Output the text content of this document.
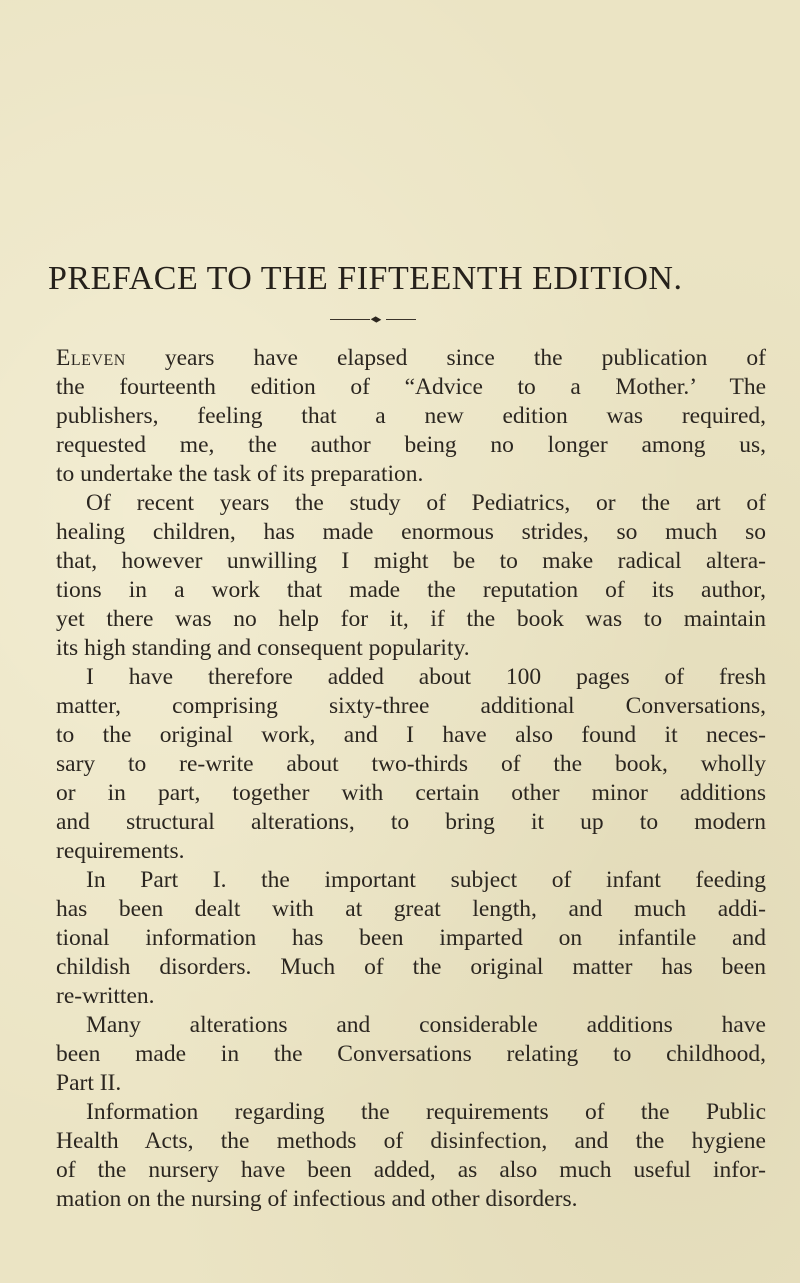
PREFACE TO THE FIFTEENTH EDITION.
Eleven years have elapsed since the publication of
the fourteenth edition of “Advice to a Mother.’ The
publishers, feeling that a new edition was required,
requested me, the author being no longer among us,
to undertake the task of its preparation.
Of recent years the study of Pediatrics, or the art of
healing children, has made enormous strides, so much so
that, however unwilling I might be to make radical altera-
tions in a work that made the reputation of its author,
yet there was no help for it, if the book was to maintain
its high standing and consequent popularity.
I have therefore added about 100 pages of fresh
matter, comprising sixty-three additional Conversations,
to the original work, and I have also found it neces-
sary to re-write about two-thirds of the book, wholly
or in part, together with certain other minor additions
and structural alterations, to bring it up to modern
requirements.
In Part I. the important subject of infant feeding
has been dealt with at great length, and much addi-
tional information has been imparted on infantile and
childish disorders. Much of the original matter has been
re-written.
Many alterations and considerable additions have
been made in the Conversations relating to childhood,
Part II.
Information regarding the requirements of the Public
Health Acts, the methods of disinfection, and the hygiene
of the nursery have been added, as also much useful infor-
mation on the nursing of infectious and other disorders.
